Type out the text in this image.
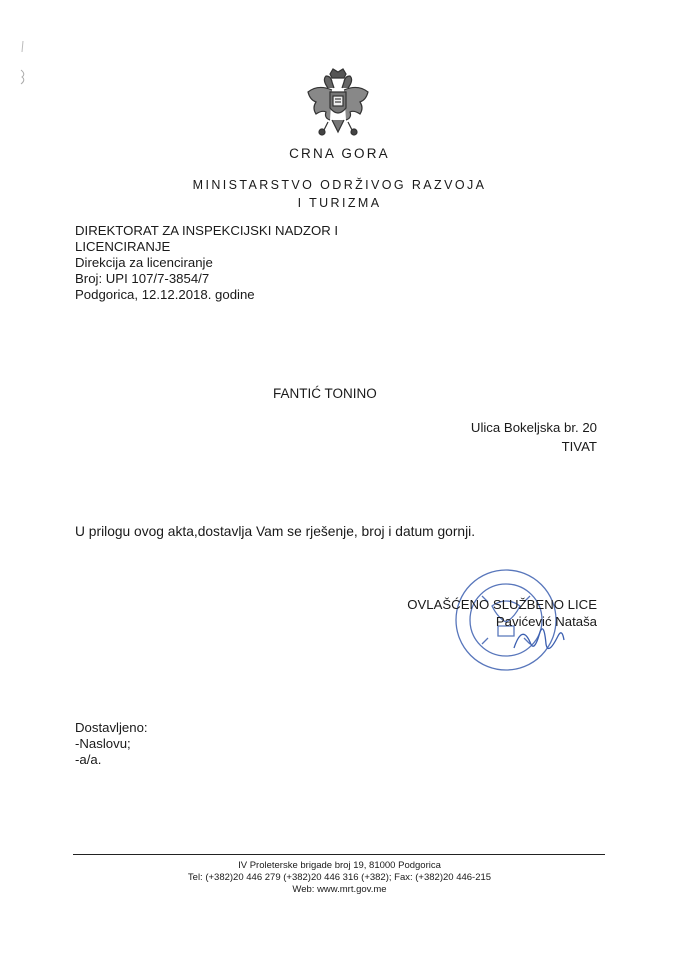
CRNA GORA
MINISTARSTVO ODRŽIVOG RAZVOJA
I TURIZMA
DIREKTORAT ZA INSPEKCIJSKI NADZOR I
LICENCIRANJE
Direkcija za licenciranje
Broj: UPI 107/7-3854/7
Podgorica, 12.12.2018. godine
FANTIĆ TONINO
Ulica Bokeljska br. 20
TIVAT
U prilogu ovog akta,dostavlja Vam se rješenje, broj i datum gornji.
OVLAŠĆENO SLUŽBENO LICE
Pavićević Nataša
Dostavljeno:
-Naslovu;
-a/a.
IV Proleterske brigade broj 19, 81000 Podgorica
Tel: (+382)20 446 279 (+382)20 446 316 (+382); Fax: (+382)20 446-215
Web: www.mrt.gov.me
